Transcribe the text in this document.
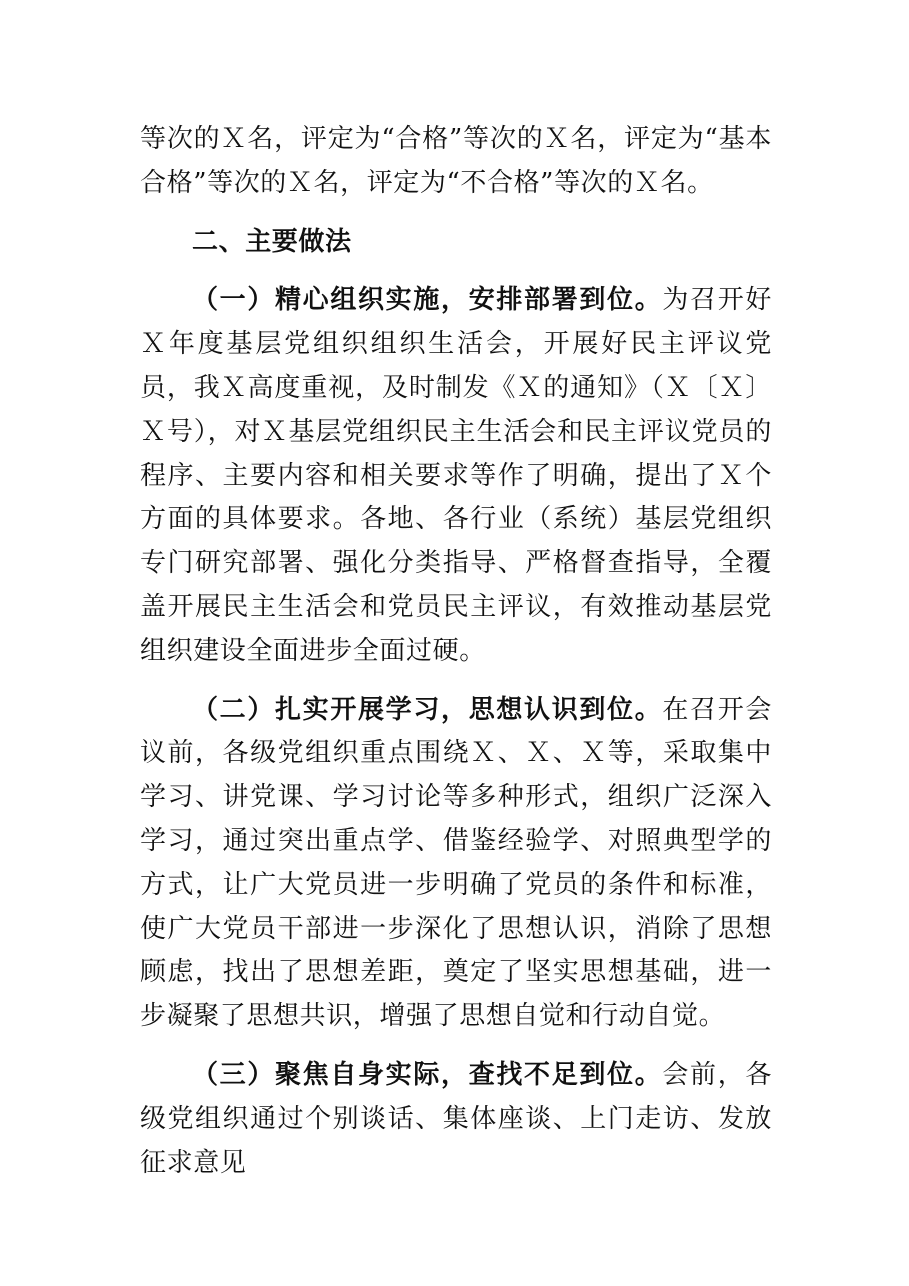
等次的Ｘ名，评定为“合格”等次的Ｘ名，评定为“基本合格”等次的Ｘ名，评定为“不合格”等次的Ｘ名。

二、主要做法

（一）精心组织实施，安排部署到位。为召开好Ｘ年度基层党组织组织生活会，开展好民主评议党员，我Ｘ高度重视，及时制发《Ｘ的通知》（Ｘ〔Ｘ〕Ｘ号），对Ｘ基层党组织民主生活会和民主评议党员的程序、主要内容和相关要求等作了明确，提出了Ｘ个方面的具体要求。各地、各行业（系统）基层党组织专门研究部署、强化分类指导、严格督查指导，全覆盖开展民主生活会和党员民主评议，有效推动基层党组织建设全面进步全面过硬。

（二）扎实开展学习，思想认识到位。在召开会议前，各级党组织重点围绕Ｘ、Ｘ、Ｘ等，采取集中学习、讲党课、学习讨论等多种形式，组织广泛深入学习，通过突出重点学、借鉴经验学、对照典型学的方式，让广大党员进一步明确了党员的条件和标准，使广大党员干部进一步深化了思想认识，消除了思想顾虑，找出了思想差距，奠定了坚实思想基础，进一步凝聚了思想共识，增强了思想自觉和行动自觉。

（三）聚焦自身实际，查找不足到位。会前，各级党组织通过个别谈话、集体座谈、上门走访、发放征求意见
